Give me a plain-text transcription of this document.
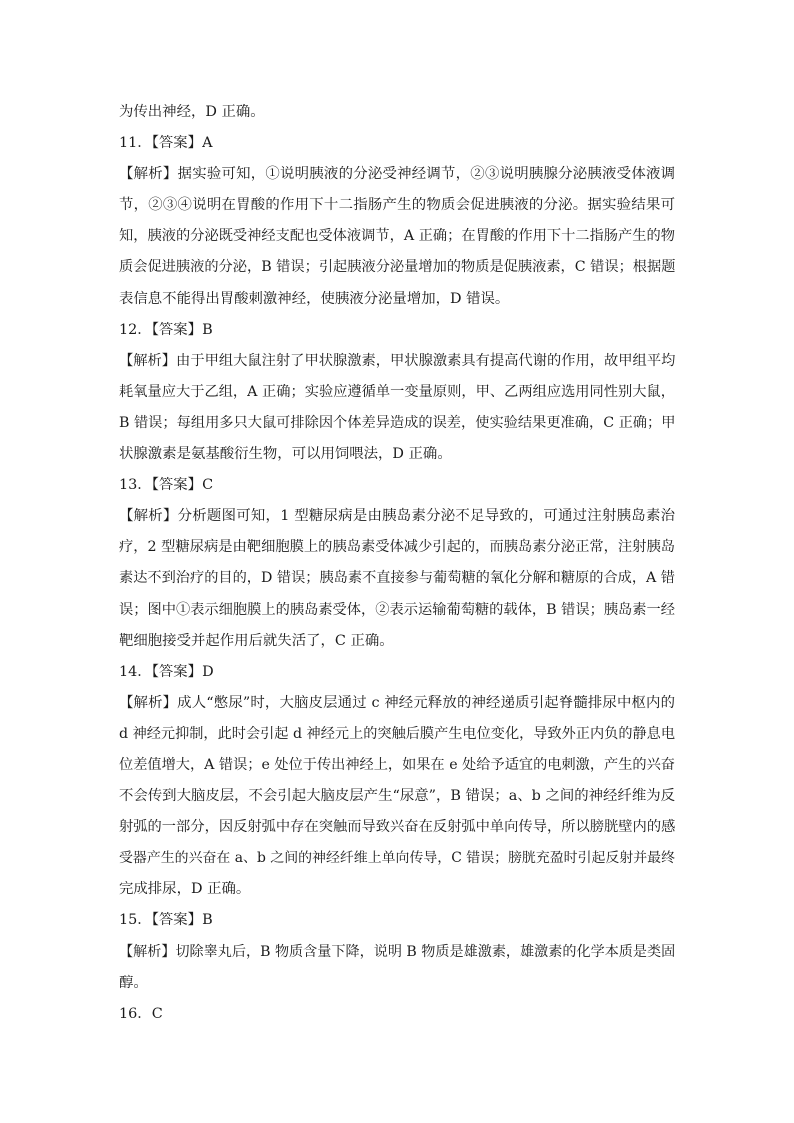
为传出神经，D 正确。
11．【答案】A
【解析】据实验可知，①说明胰液的分泌受神经调节，②③说明胰腺分泌胰液受体液调
节，②③④说明在胃酸的作用下十二指肠产生的物质会促进胰液的分泌。据实验结果可
知，胰液的分泌既受神经支配也受体液调节，A 正确；在胃酸的作用下十二指肠产生的物
质会促进胰液的分泌，B 错误；引起胰液分泌量增加的物质是促胰液素，C 错误；根据题
表信息不能得出胃酸刺激神经，使胰液分泌量增加，D 错误。
12．【答案】B
【解析】由于甲组大鼠注射了甲状腺激素，甲状腺激素具有提高代谢的作用，故甲组平均
耗氧量应大于乙组，A 正确；实验应遵循单一变量原则，甲、乙两组应选用同性别大鼠，
B 错误；每组用多只大鼠可排除因个体差异造成的误差，使实验结果更准确，C 正确；甲
状腺激素是氨基酸衍生物，可以用饲喂法，D 正确。
13．【答案】C
【解析】分析题图可知，1 型糖尿病是由胰岛素分泌不足导致的，可通过注射胰岛素治
疗，2 型糖尿病是由靶细胞膜上的胰岛素受体减少引起的，而胰岛素分泌正常，注射胰岛
素达不到治疗的目的，D 错误；胰岛素不直接参与葡萄糖的氧化分解和糖原的合成，A 错
误；图中①表示细胞膜上的胰岛素受体，②表示运输葡萄糖的载体，B 错误；胰岛素一经
靶细胞接受并起作用后就失活了，C 正确。
14．【答案】D
【解析】成人“憋尿”时，大脑皮层通过 c 神经元释放的神经递质引起脊髓排尿中枢内的
d 神经元抑制，此时会引起 d 神经元上的突触后膜产生电位变化，导致外正内负的静息电
位差值增大，A 错误；e 处位于传出神经上，如果在 e 处给予适宜的电刺激，产生的兴奋
不会传到大脑皮层，不会引起大脑皮层产生“尿意”，B 错误；a、b 之间的神经纤维为反
射弧的一部分，因反射弧中存在突触而导致兴奋在反射弧中单向传导，所以膀胱壁内的感
受器产生的兴奋在 a、b 之间的神经纤维上单向传导，C 错误；膀胱充盈时引起反射并最终
完成排尿，D 正确。
15．【答案】B
【解析】切除睾丸后，B 物质含量下降，说明 B 物质是雄激素，雄激素的化学本质是类固
醇。
16．C
